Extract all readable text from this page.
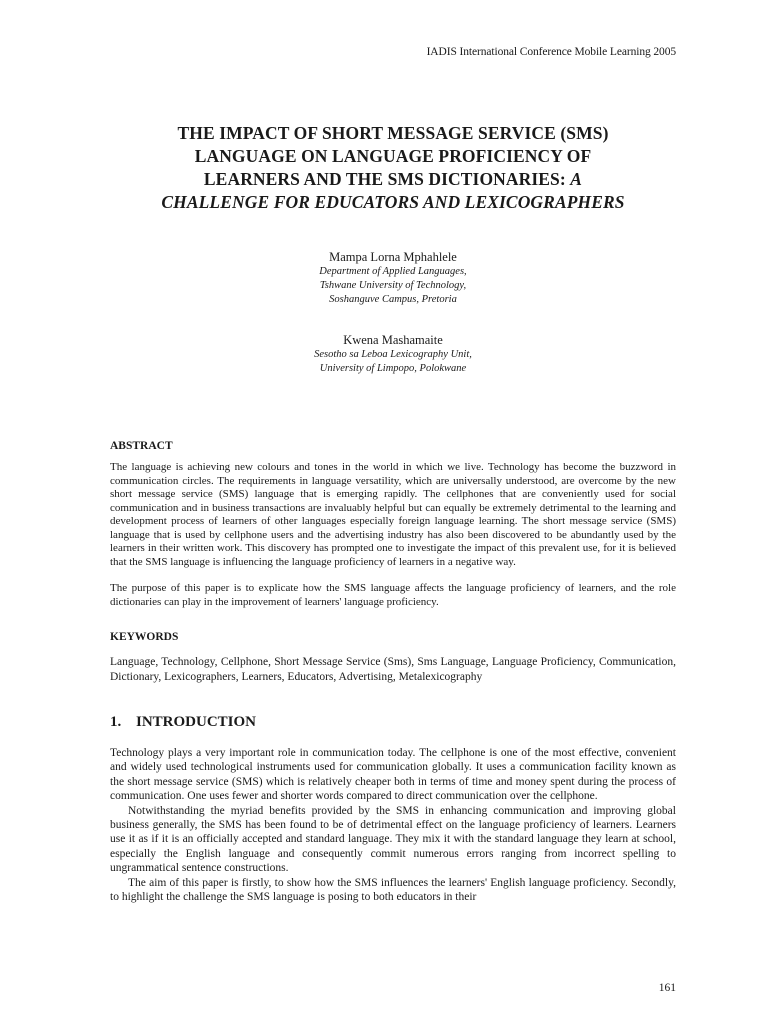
IADIS International Conference Mobile Learning 2005
THE IMPACT OF SHORT MESSAGE SERVICE (SMS)
LANGUAGE ON LANGUAGE PROFICIENCY OF
LEARNERS AND THE SMS DICTIONARIES: A
CHALLENGE FOR EDUCATORS AND LEXICOGRAPHERS
Mampa Lorna Mphahlele
Department of Applied Languages,
Tshwane University of Technology,
Soshanguve Campus, Pretoria
Kwena Mashamaite
Sesotho sa Leboa Lexicography Unit,
University of Limpopo, Polokwane
ABSTRACT

The language is achieving new colours and tones in the world in which we live. Technology has become the buzzword in communication circles. The requirements in language versatility, which are universally understood, are overcome by the new short message service (SMS) language that is emerging rapidly. The cellphones that are conveniently used for social communication and in business transactions are invaluably helpful but can equally be extremely detrimental to the learning and development process of learners of other languages especially foreign language learning. The short message service (SMS) language that is used by cellphone users and the advertising industry has also been discovered to be abundantly used by the learners in their written work. This discovery has prompted one to investigate the impact of this prevalent use, for it is believed that the SMS language is influencing the language proficiency of learners in a negative way.

The purpose of this paper is to explicate how the SMS language affects the language proficiency of learners, and the role dictionaries can play in the improvement of learners' language proficiency.

KEYWORDS

Language, Technology, Cellphone, Short Message Service (Sms), Sms Language, Language Proficiency, Communication, Dictionary, Lexicographers, Learners, Educators, Advertising, Metalexicography

1. INTRODUCTION

Technology plays a very important role in communication today. The cellphone is one of the most effective, convenient and widely used technological instruments used for communication globally. It uses a communication facility known as the short message service (SMS) which is relatively cheaper both in terms of time and money spent during the process of communication. One uses fewer and shorter words compared to direct communication over the cellphone.

Notwithstanding the myriad benefits provided by the SMS in enhancing communication and improving global business generally, the SMS has been found to be of detrimental effect on the language proficiency of learners. Learners use it as if it is an officially accepted and standard language. They mix it with the standard language they learn at school, especially the English language and consequently commit numerous errors ranging from incorrect spelling to ungrammatical sentence constructions.

The aim of this paper is firstly, to show how the SMS influences the learners' English language proficiency. Secondly, to highlight the challenge the SMS language is posing to both educators in their

161
